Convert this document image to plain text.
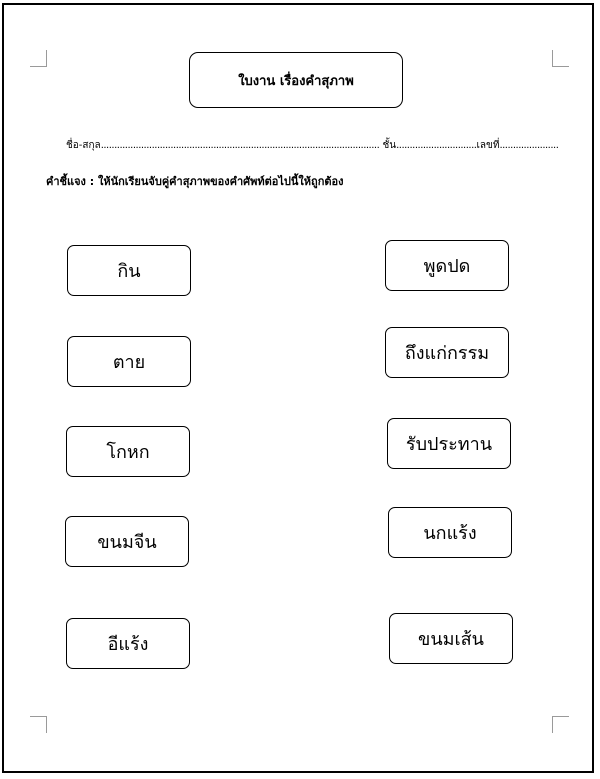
ใบงาน เรื่องคำสุภาพ
ชื่อ-สกุล........................................................................................................ ชั้น..............................เลขที่......................
คำชี้แจง : ให้นักเรียนจับคู่คำสุภาพของคำศัพท์ต่อไปนี้ให้ถูกต้อง
กิน
ตาย
โกหก
ขนมจีน
อีแร้ง
พูดปด
ถึงแก่กรรม
รับประทาน
นกแร้ง
ขนมเส้น
